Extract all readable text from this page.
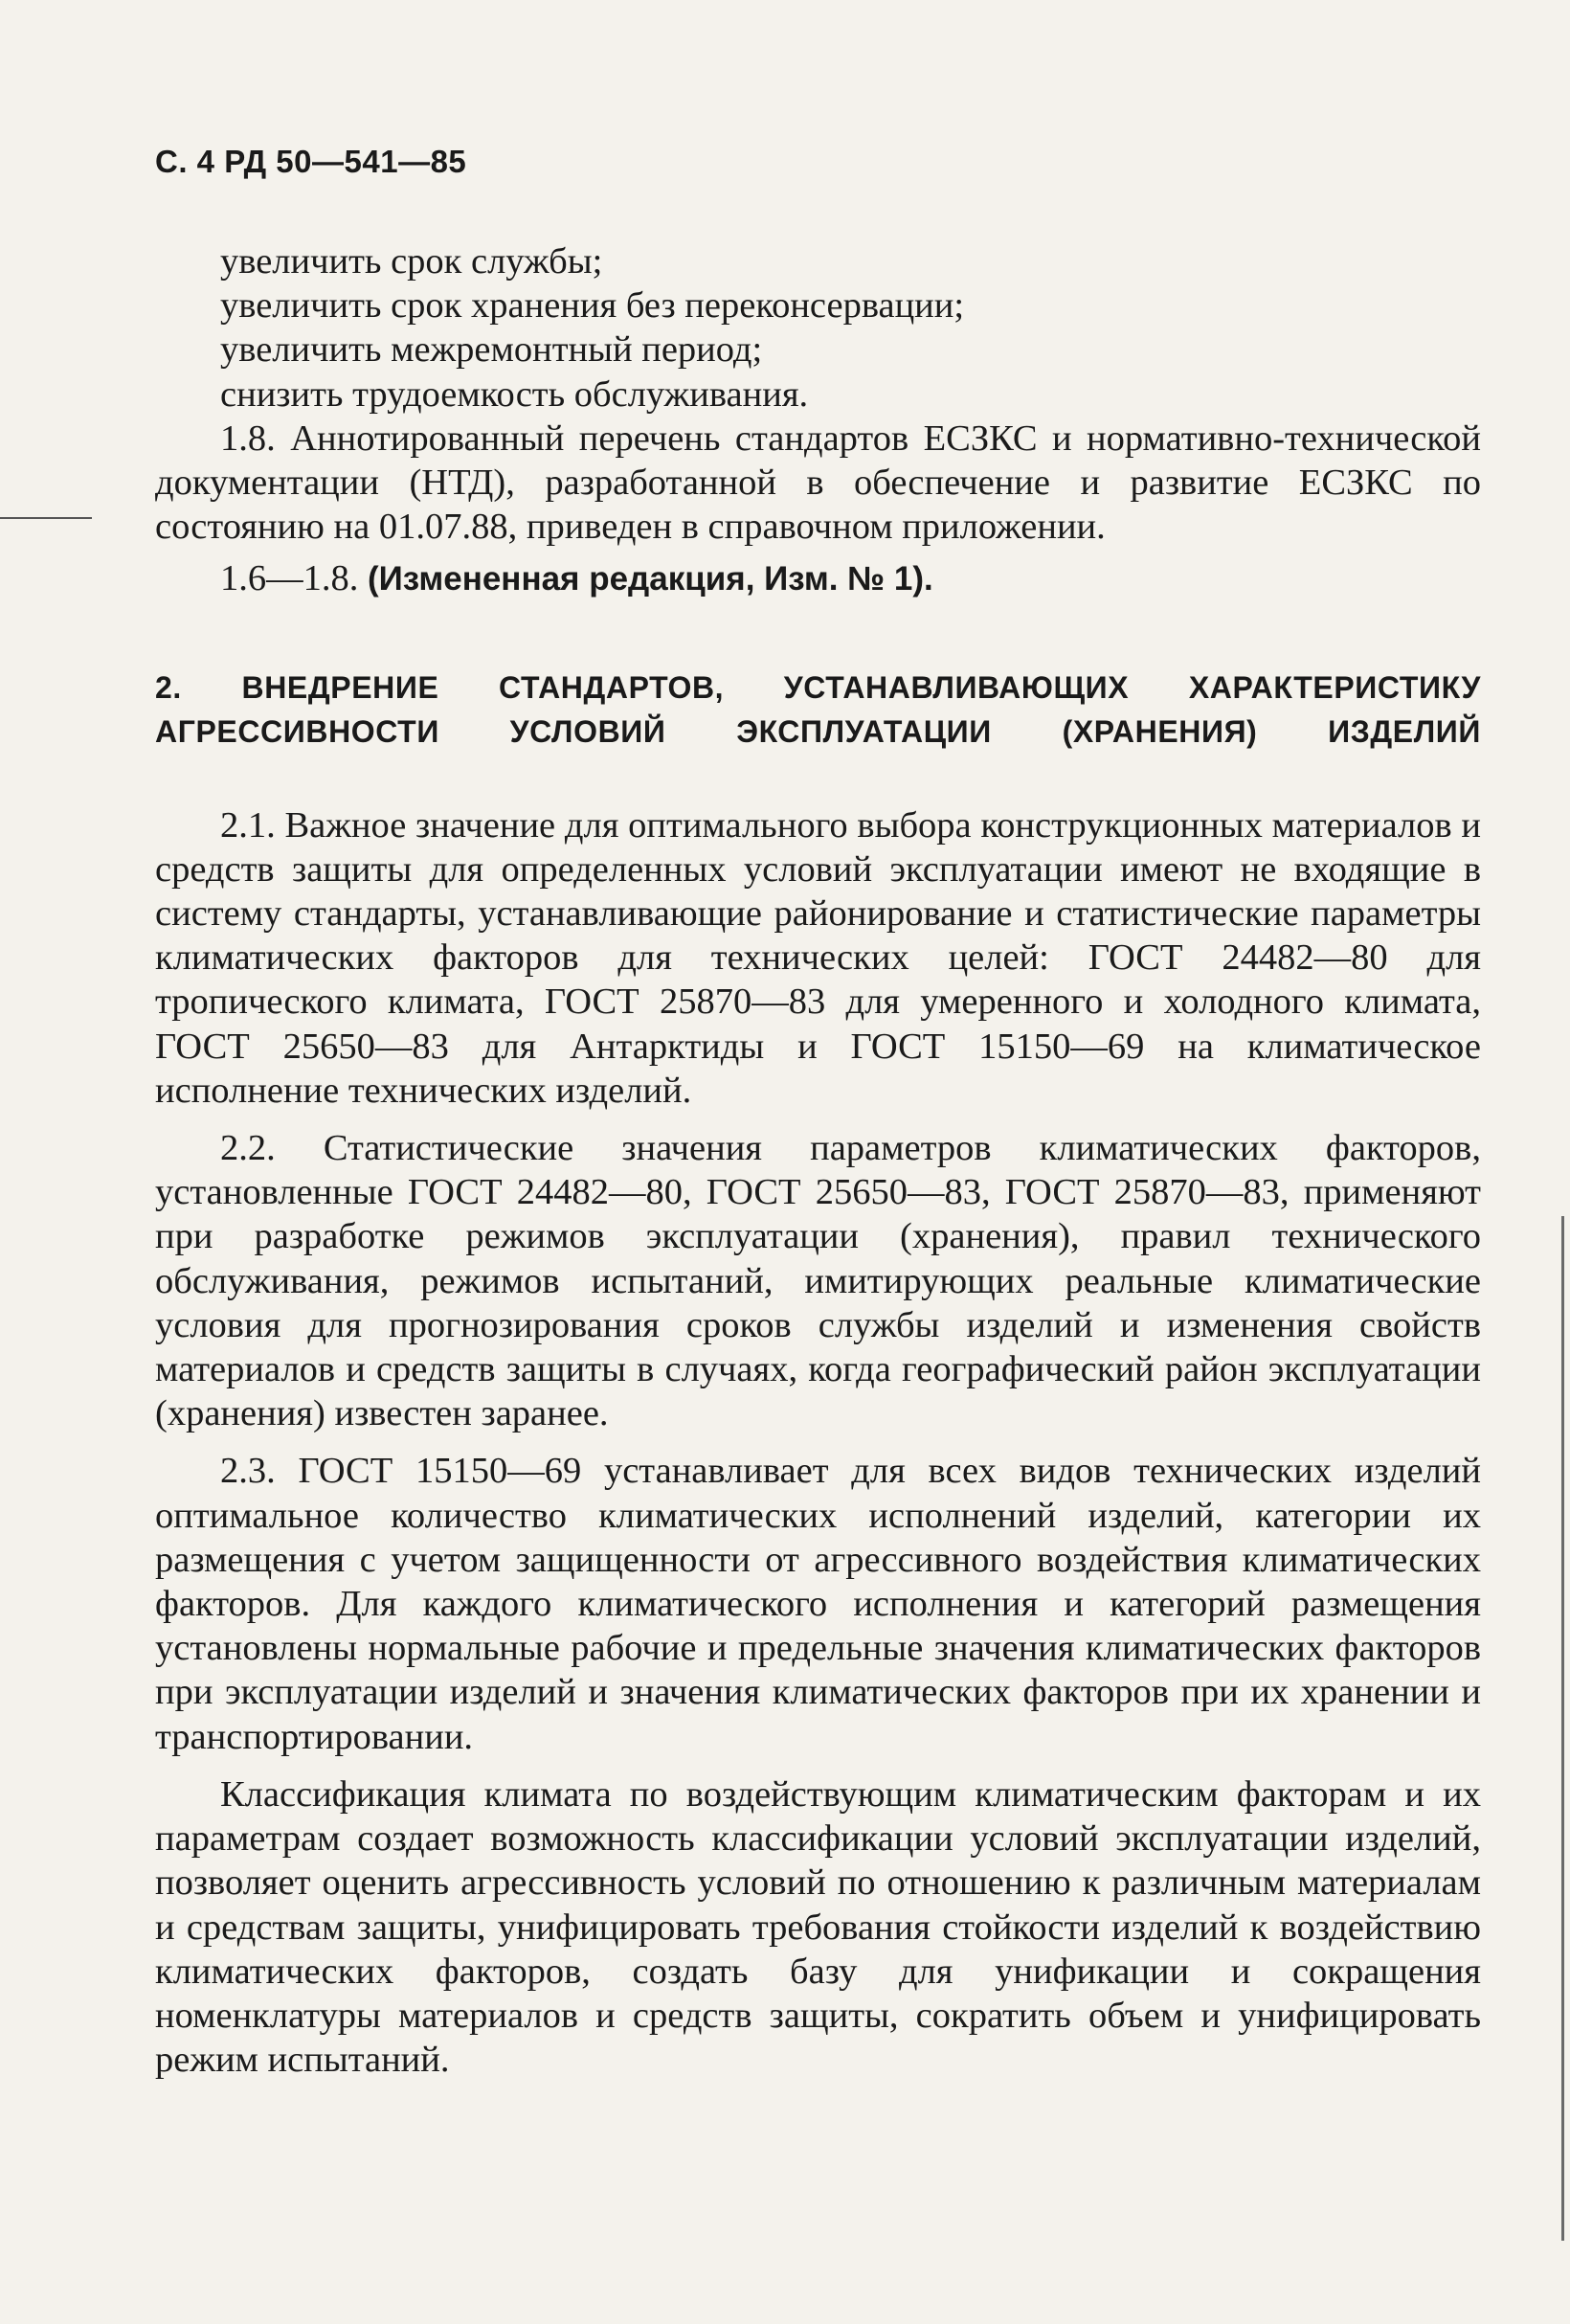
С. 4 РД 50—541—85

увеличить срок службы;

увеличить срок хранения без переконсервации;

увеличить межремонтный период;

снизить трудоемкость обслуживания.

1.8. Аннотированный перечень стандартов ЕСЗКС и нормативно-технической документации (НТД), разработанной в обеспечение и развитие ЕСЗКС по состоянию на 01.07.88, приведен в справочном приложении.

1.6—1.8. (Измененная редакция, Изм. № 1).

2. ВНЕДРЕНИЕ СТАНДАРТОВ, УСТАНАВЛИВАЮЩИХ ХАРАКТЕРИСТИКУ АГРЕССИВНОСТИ УСЛОВИЙ ЭКСПЛУАТАЦИИ (ХРАНЕНИЯ) ИЗДЕЛИЙ

2.1. Важное значение для оптимального выбора конструкционных материалов и средств защиты для определенных условий эксплуатации имеют не входящие в систему стандарты, устанавливающие районирование и статистические параметры климатических факторов для технических целей: ГОСТ 24482—80 для тропического климата, ГОСТ 25870—83 для умеренного и холодного климата, ГОСТ 25650—83 для Антарктиды и ГОСТ 15150—69 на климатическое исполнение технических изделий.

2.2. Статистические значения параметров климатических факторов, установленные ГОСТ 24482—80, ГОСТ 25650—83, ГОСТ 25870—83, применяют при разработке режимов эксплуатации (хранения), правил технического обслуживания, режимов испытаний, имитирующих реальные климатические условия для прогнозирования сроков службы изделий и изменения свойств материалов и средств защиты в случаях, когда географический район эксплуатации (хранения) известен заранее.

2.3. ГОСТ 15150—69 устанавливает для всех видов технических изделий оптимальное количество климатических исполнений изделий, категории их размещения с учетом защищенности от агрессивного воздействия климатических факторов. Для каждого климатического исполнения и категорий размещения установлены нормальные рабочие и предельные значения климатических факторов при эксплуатации изделий и значения климатических факторов при их хранении и транспортировании.

Классификация климата по воздействующим климатическим факторам и их параметрам создает возможность классификации условий эксплуатации изделий, позволяет оценить агрессивность условий по отношению к различным материалам и средствам защиты, унифицировать требования стойкости изделий к воздействию климатических факторов, создать базу для унификации и сокращения номенклатуры материалов и средств защиты, сократить объем и унифицировать режим испытаний.
